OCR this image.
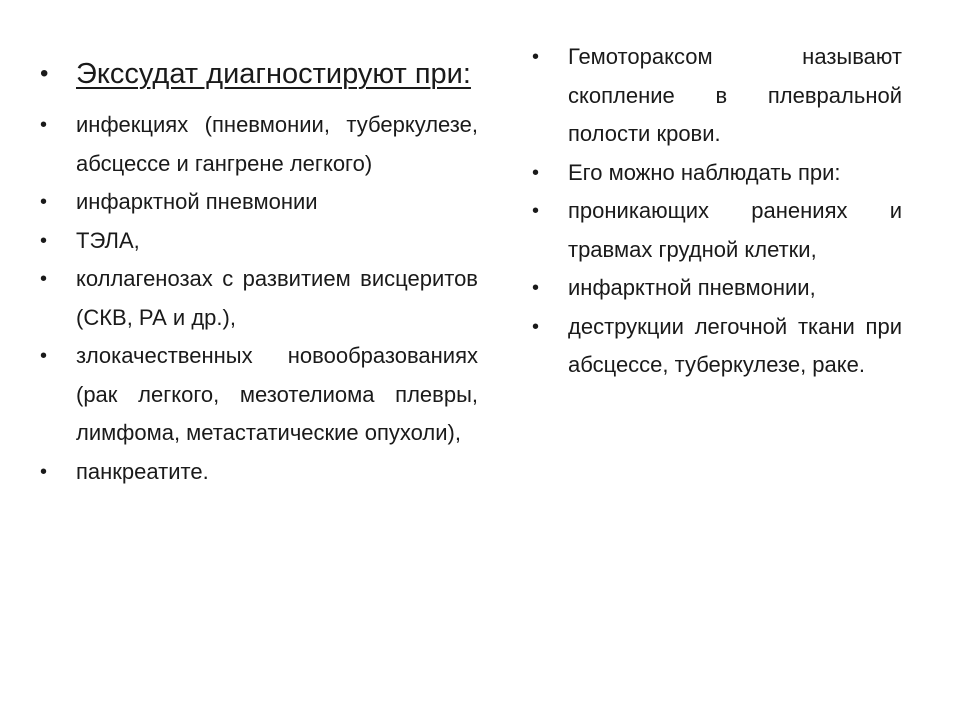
•
Экссудат диагностируют при:
•
инфекциях (пневмонии, туберкулезе, абсцессе и гангрене легкого)
•
инфарктной пневмонии
•
ТЭЛА,
•
коллагенозах с развитием висцеритов (СКВ, РА и др.),
•
злокачественных новообразованиях (рак легкого, мезотелиома плевры, лимфома, метастатические опухоли),
•
панкреатите.
•
Гемотораксом называют скопление в плевральной полости крови.
•
Его можно наблюдать при:
•
проникающих ранениях и травмах грудной клетки,
•
инфарктной пневмонии,
•
деструкции легочной ткани при абсцессе, туберкулезе, раке.
